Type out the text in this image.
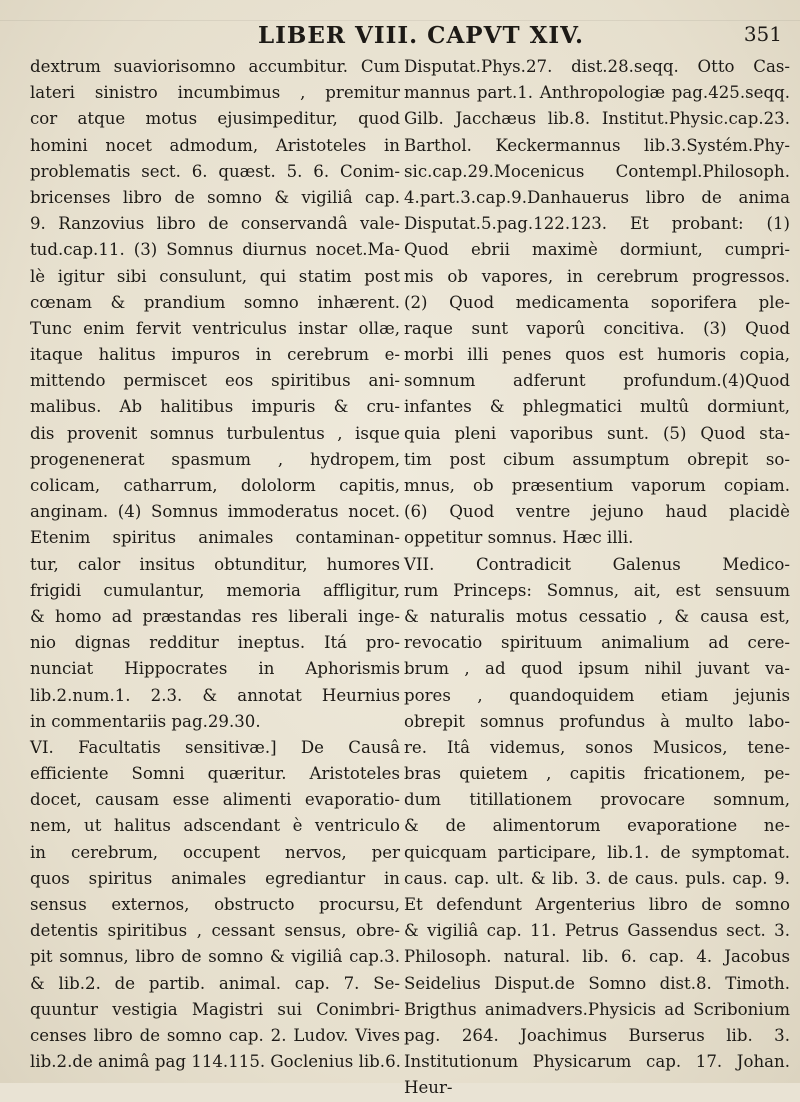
LIBER VIII. CAPVT XIV.	351
dextrum suaviorisomno accumbitur. Cum
lateri sinistro incumbimus , premitur
cor atque motus ejusimpeditur, quod
homini nocet admodum, Aristoteles in
problematis sect. 6. quæst. 5. 6. Conim-
bricenses libro de somno & vigiliâ cap.
9. Ranzovius libro de conservandâ vale-
tud.cap.11. (3) Somnus diurnus nocet.Ma-
lè igitur sibi consulunt, qui statim post
cœnam & prandium somno inhærent.
Tunc enim fervit ventriculus instar ollæ,
itaque halitus impuros in cerebrum e-
mittendo permiscet eos spiritibus ani-
malibus. Ab halitibus impuris & cru-
dis provenit somnus turbulentus , isque
progenenerat spasmum , hydropem,
colicam, catharrum, dololorm capitis,
anginam. (4) Somnus immoderatus nocet.
Etenim spiritus animales contaminan-
tur, calor insitus obtunditur, humores
frigidi cumulantur, memoria affligitur,
& homo ad præstandas res liberali inge-
nio dignas redditur ineptus. Itá pro-
nunciat Hippocrates in Aphorismis
lib.2.num.1. 2.3. & annotat Heurnius
in commentariis pag.29.30.
VI. Facultatis sensitivæ.] De Causâ
efficiente Somni quæritur. Aristoteles
docet, causam esse alimenti evaporatio-
nem, ut halitus adscendant è ventriculo
in cerebrum, occupent nervos, per
quos spiritus animales egrediantur in
sensus externos, obstructo procursu,
detentis spiritibus , cessant sensus, obre-
pit somnus, libro de somno & vigiliâ cap.3.
& lib.2. de partib. animal. cap. 7. Se-
quuntur vestigia Magistri sui Conimbri-
censes libro de somno cap. 2. Ludov. Vives
lib.2.de animâ pag 114.115. Goclenius lib.6.
Disputat.Phys.27. dist.28.seqq. Otto Cas-
mannus part.1. Anthropologiæ pag.425.seqq.
Gilb. Jacchæus lib.8. Institut.Physic.cap.23.
Barthol. Keckermannus lib.3.Systém.Phy-
sic.cap.29.Mocenicus Contempl.Philosoph.
4.part.3.cap.9.Danhauerus libro de anima
Disputat.5.pag.122.123. Et probant: (1)
Quod ebrii maximè dormiunt, cumpri-
mis ob vapores, in cerebrum progressos.
(2) Quod medicamenta soporifera ple-
raque sunt vaporû concitiva. (3) Quod
morbi illi penes quos est humoris copia,
somnum adferunt profundum.(4)Quod
infantes & phlegmatici multû dormiunt,
quia pleni vaporibus sunt. (5) Quod sta-
tim post cibum assumptum obrepit so-
mnus, ob præsentium vaporum copiam.
(6) Quod ventre jejuno haud placidè
oppetitur somnus. Hæc illi.
VII. Contradicit Galenus Medico-
rum Princeps: Somnus, ait, est sensuum
& naturalis motus cessatio , & causa est,
revocatio spirituum animalium ad cere-
brum , ad quod ipsum nihil juvant va-
pores , quandoquidem etiam jejunis
obrepit somnus profundus à multo labo-
re. Itâ videmus, sonos Musicos, tene-
bras quietem , capitis fricationem, pe-
dum titillationem provocare somnum,
& de alimentorum evaporatione ne-
quicquam participare, lib.1. de symptomat.
caus. cap. ult. & lib. 3. de caus. puls. cap. 9.
Et defendunt Argenterius libro de somno
& vigiliâ cap. 11. Petrus Gassendus sect. 3.
Philosoph. natural. lib. 6. cap. 4. Jacobus
Seidelius Disput.de Somno dist.8. Timoth.
Brigthus animadvers.Physicis ad Scribonium
pag. 264. Joachimus Burserus lib. 3.
Institutionum Physicarum cap. 17. Johan.
Heur-
